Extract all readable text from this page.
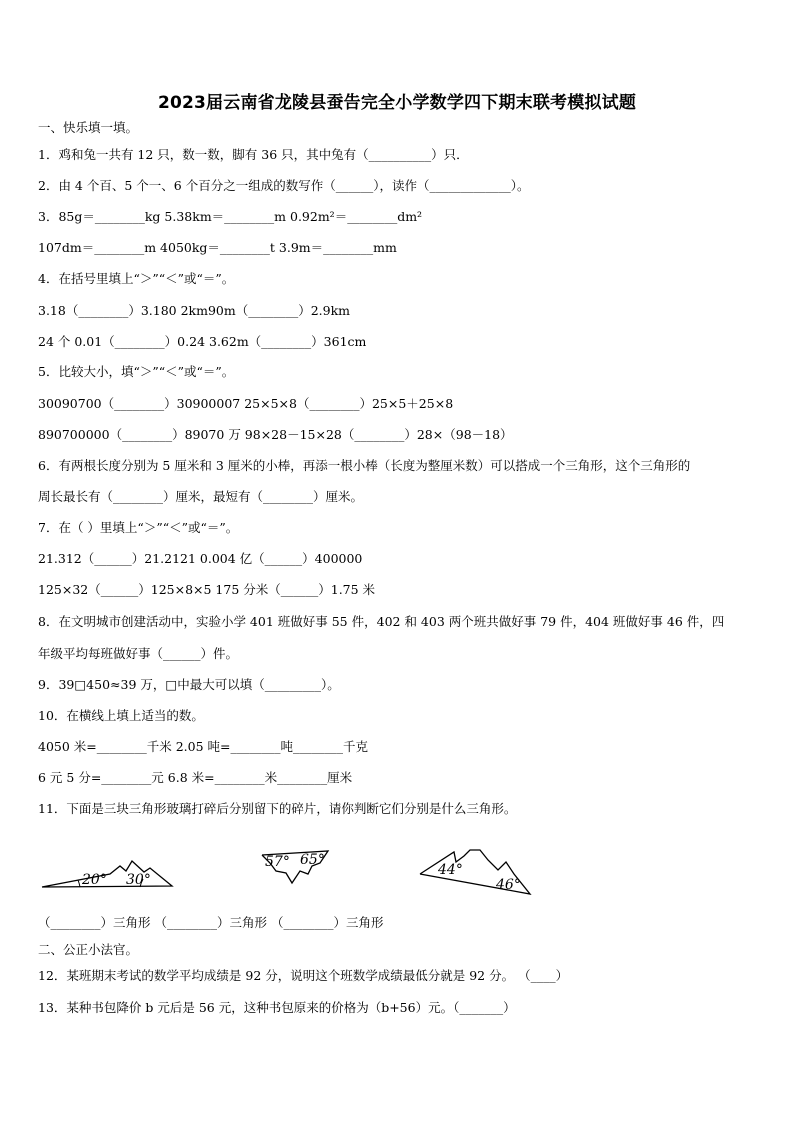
2023届云南省龙陵县蚕告完全小学数学四下期末联考模拟试题
一、快乐填一填。
1．鸡和兔一共有 12 只，数一数，脚有 36 只，其中兔有（__________）只．
2．由 4 个百、5 个一、6 个百分之一组成的数写作（______），读作（_____________）。
3．85g＝________kg 5.38km＝________m 0.92m²＝________dm²
107dm＝________m 4050kg＝________t 3.9m＝________mm
4．在括号里填上“＞”“＜”或“＝”。
3.18（________）3.180 2km90m（________）2.9km
24 个 0.01（________）0.24 3.62m（________）361cm
5．比较大小，填“＞”“＜”或“＝”。
30090700（________）30900007 25×5×8（________）25×5＋25×8
890700000（________）89070 万 98×28－15×28（________）28×（98－18）
6．有两根长度分别为 5 厘米和 3 厘米的小棒，再添一根小棒（长度为整厘米数）可以搭成一个三角形，这个三角形的
周长最长有（________）厘米，最短有（________）厘米。
7．在（ ）里填上“＞”“＜”或“＝”。
21.312（______）21.2121 0.004 亿（______）400000
125×32（______）125×8×5 175 分米（______）1.75 米
8．在文明城市创建活动中，实验小学 401 班做好事 55 件，402 和 403 两个班共做好事 79 件，404 班做好事 46 件，四
年级平均每班做好事（______）件。
9．39□450≈39 万，□中最大可以填（_________）。
10．在横线上填上适当的数。
4050 米=________千米 2.05 吨=________吨________千克
6 元 5 分=________元 6.8 米=________米________厘米
11．下面是三块三角形玻璃打碎后分别留下的碎片，请你判断它们分别是什么三角形。
20° 30°
57° 65°
44°
46°
（________）三角形 （________）三角形 （________）三角形
二、公正小法官。
12．某班期末考试的数学平均成绩是 92 分，说明这个班数学成绩最低分就是 92 分。 （____）
13．某种书包降价 b 元后是 56 元，这种书包原来的价格为（b+56）元。（_______）
